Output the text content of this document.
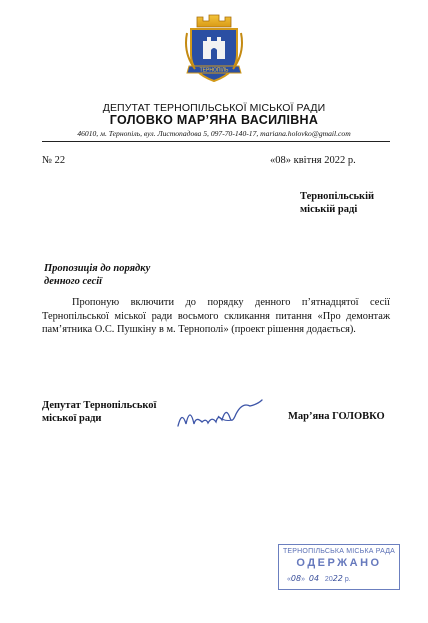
ТЕРНОПІЛЬ
ДЕПУТАТ ТЕРНОПІЛЬСЬКОЇ МІСЬКОЇ РАДИ
ГОЛОВКО МАР’ЯНА ВАСИЛІВНА
46010, м. Тернопіль, вул. Листопадова 5, 097-70-140-17, mariana.holovko@gmail.com
№ 22	«08» квітня 2022 р.
Тернопільській
міській раді
Пропозиція до порядку
денного сесії
Пропоную включити до порядку денного п’ятнадцятої сесії Тернопільської міської ради восьмого скликання питання «Про демонтаж пам’ятника О.С. Пушкіну в м. Тернополі» (проект рішення додається).
Депутат Тернопільської
міської ради	Мар’яна ГОЛОВКО
ТЕРНОПІЛЬСЬКА МІСЬКА РАДА
ОДЕРЖАНО
«08»  04 2022 р.
